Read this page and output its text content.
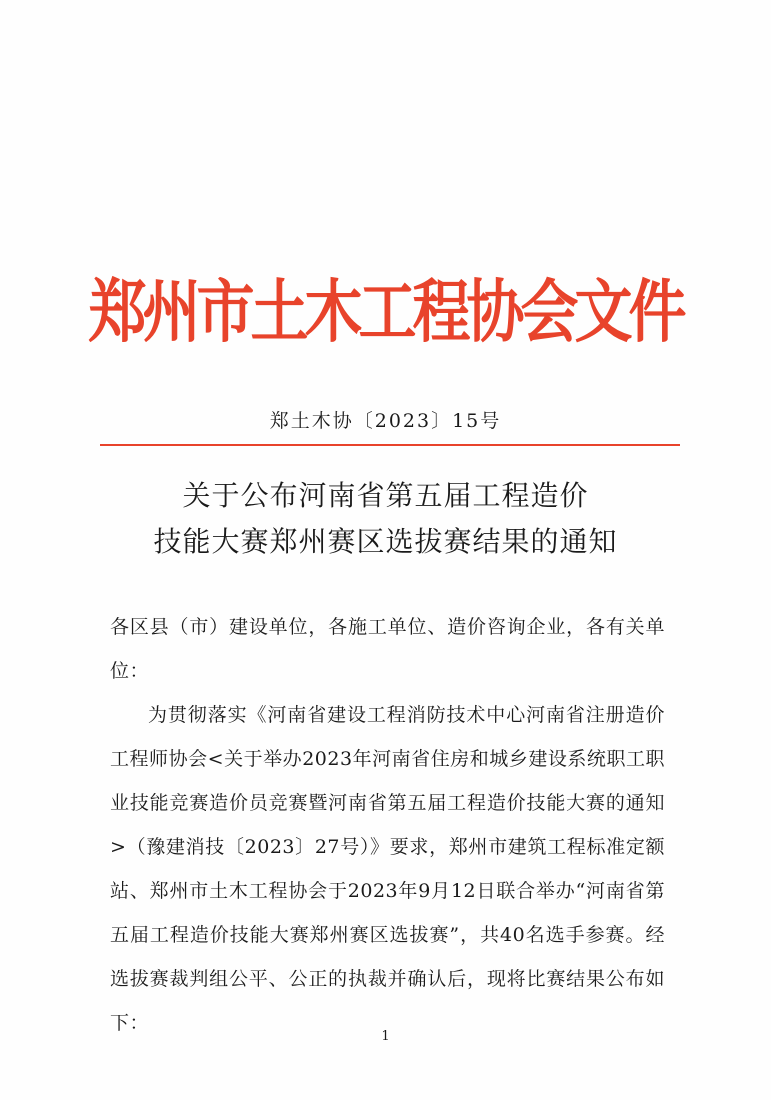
郑州市土木工程协会文件
郑土木协〔2023〕15号
关于公布河南省第五届工程造价
技能大赛郑州赛区选拔赛结果的通知

各区县（市）建设单位，各施工单位、造价咨询企业，各有关单位：

为贯彻落实《河南省建设工程消防技术中心河南省注册造价工程师协会<关于举办2023年河南省住房和城乡建设系统职工职业技能竞赛造价员竞赛暨河南省第五届工程造价技能大赛的通知>（豫建消技〔2023〕27号）》要求，郑州市建筑工程标准定额站、郑州市土木工程协会于2023年9月12日联合举办“河南省第五届工程造价技能大赛郑州赛区选拔赛”，共40名选手参赛。经选拔赛裁判组公平、公正的执裁并确认后，现将比赛结果公布如下：

1
